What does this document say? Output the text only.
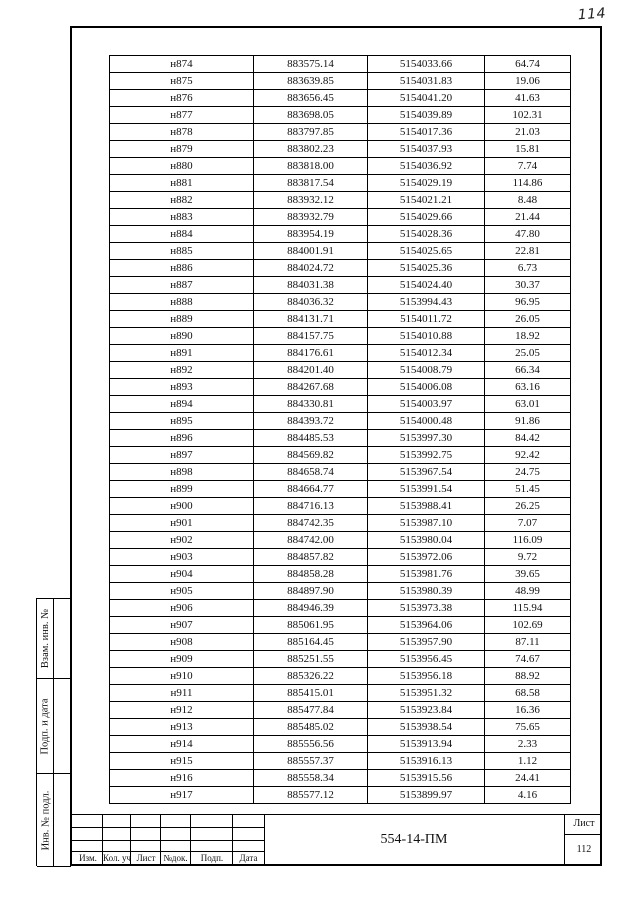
114
н874	883575.14	5154033.66	64.74
н875	883639.85	5154031.83	19.06
н876	883656.45	5154041.20	41.63
н877	883698.05	5154039.89	102.31
н878	883797.85	5154017.36	21.03
н879	883802.23	5154037.93	15.81
н880	883818.00	5154036.92	7.74
н881	883817.54	5154029.19	114.86
н882	883932.12	5154021.21	8.48
н883	883932.79	5154029.66	21.44
н884	883954.19	5154028.36	47.80
н885	884001.91	5154025.65	22.81
н886	884024.72	5154025.36	6.73
н887	884031.38	5154024.40	30.37
н888	884036.32	5153994.43	96.95
н889	884131.71	5154011.72	26.05
н890	884157.75	5154010.88	18.92
н891	884176.61	5154012.34	25.05
н892	884201.40	5154008.79	66.34
н893	884267.68	5154006.08	63.16
н894	884330.81	5154003.97	63.01
н895	884393.72	5154000.48	91.86
н896	884485.53	5153997.30	84.42
н897	884569.82	5153992.75	92.42
н898	884658.74	5153967.54	24.75
н899	884664.77	5153991.54	51.45
н900	884716.13	5153988.41	26.25
н901	884742.35	5153987.10	7.07
н902	884742.00	5153980.04	116.09
н903	884857.82	5153972.06	9.72
н904	884858.28	5153981.76	39.65
н905	884897.90	5153980.39	48.99
н906	884946.39	5153973.38	115.94
н907	885061.95	5153964.06	102.69
н908	885164.45	5153957.90	87.11
н909	885251.55	5153956.45	74.67
н910	885326.22	5153956.18	88.92
н911	885415.01	5153951.32	68.58
н912	885477.84	5153923.84	16.36
н913	885485.02	5153938.54	75.65
н914	885556.56	5153913.94	2.33
н915	885557.37	5153916.13	1.12
н916	885558.34	5153915.56	24.41
н917	885577.12	5153899.97	4.16
Взам. инв. №
Подп. и дата
Инв. № подл.
Изм. Кол. уч Лист №док.	Подп.	Дата
554-14-ПМ
Лист
112
